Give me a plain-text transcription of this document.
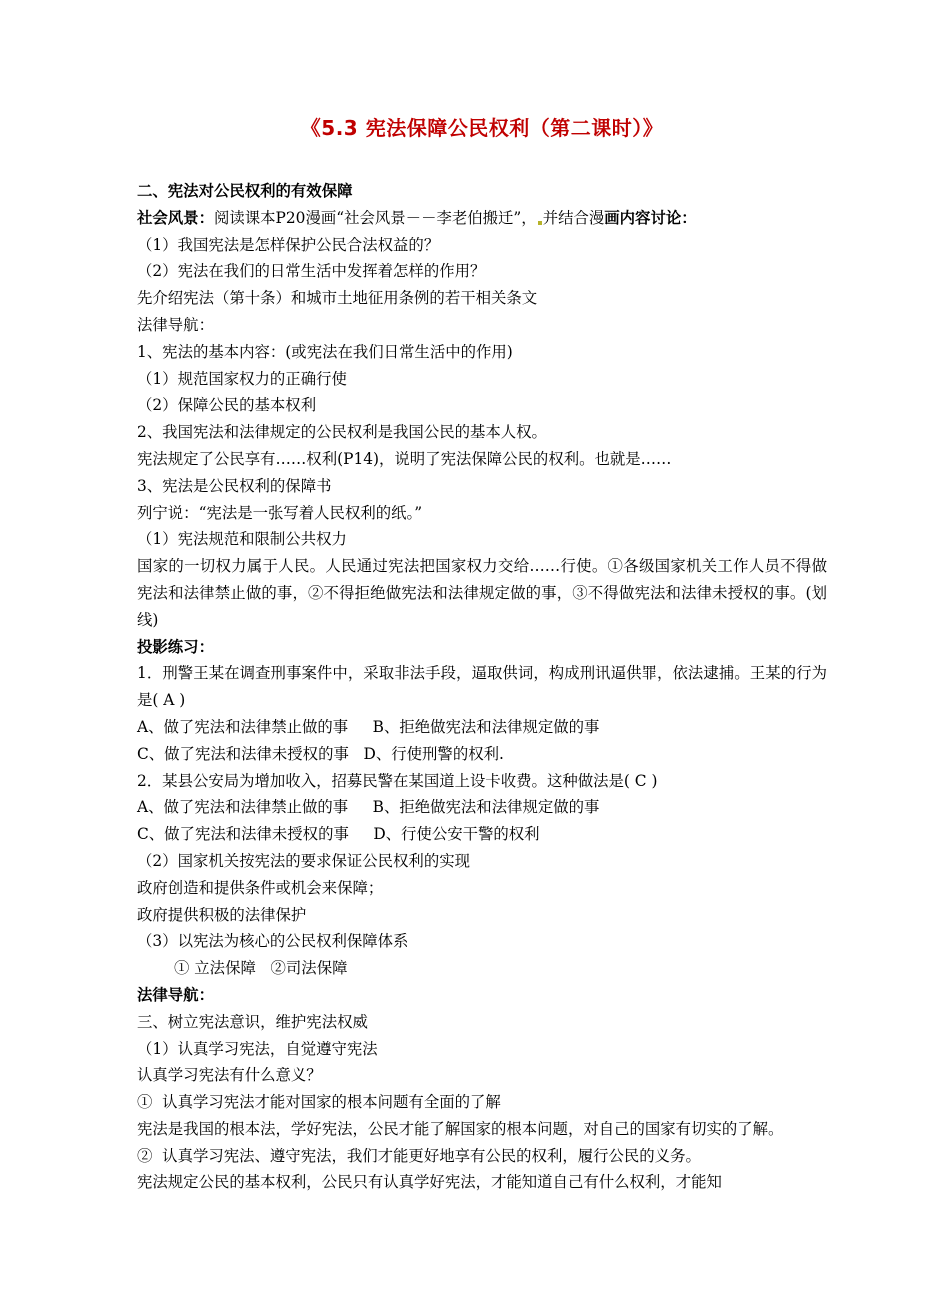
《5.3 宪法保障公民权利（第二课时）》

二、宪法对公民权利的有效保障

社会风景：阅读课本P20漫画“社会风景－－李老伯搬迁”， 并结合漫画内容讨论：

（1）我国宪法是怎样保护公民合法权益的？

（2）宪法在我们的日常生活中发挥着怎样的作用？

先介绍宪法（第十条）和城市土地征用条例的若干相关条文

法律导航：

1、宪法的基本内容：(或宪法在我们日常生活中的作用)

（1）规范国家权力的正确行使

（2）保障公民的基本权利

2、我国宪法和法律规定的公民权利是我国公民的基本人权。

宪法规定了公民享有……权利(P14)，说明了宪法保障公民的权利。也就是……

3、宪法是公民权利的保障书

列宁说：“宪法是一张写着人民权利的纸。”

（1）宪法规范和限制公共权力

国家的一切权力属于人民。人民通过宪法把国家权力交给……行使。①各级国家机关工作人员不得做宪法和法律禁止做的事，②不得拒绝做宪法和法律规定做的事，③不得做宪法和法律未授权的事。(划线)

投影练习：

1．刑警王某在调查刑事案件中，采取非法手段，逼取供词，构成刑讯逼供罪，依法逮捕。王某的行为是( A )

A、做了宪法和法律禁止做的事     B、拒绝做宪法和法律规定做的事

C、做了宪法和法律未授权的事   D、行使刑警的权利.

2．某县公安局为增加收入，招募民警在某国道上设卡收费。这种做法是( C )

A、做了宪法和法律禁止做的事     B、拒绝做宪法和法律规定做的事

C、做了宪法和法律未授权的事     D、行使公安干警的权利

（2）国家机关按宪法的要求保证公民权利的实现

政府创造和提供条件或机会来保障；

政府提供积极的法律保护

（3）以宪法为核心的公民权利保障体系

① 立法保障   ②司法保障

法律导航：

三、树立宪法意识，维护宪法权威

（1）认真学习宪法，自觉遵守宪法

认真学习宪法有什么意义？

①  认真学习宪法才能对国家的根本问题有全面的了解

宪法是我国的根本法，学好宪法，公民才能了解国家的根本问题，对自己的国家有切实的了解。

②  认真学习宪法、遵守宪法，我们才能更好地享有公民的权利，履行公民的义务。

宪法规定公民的基本权利，公民只有认真学好宪法，才能知道自己有什么权利，才能知
